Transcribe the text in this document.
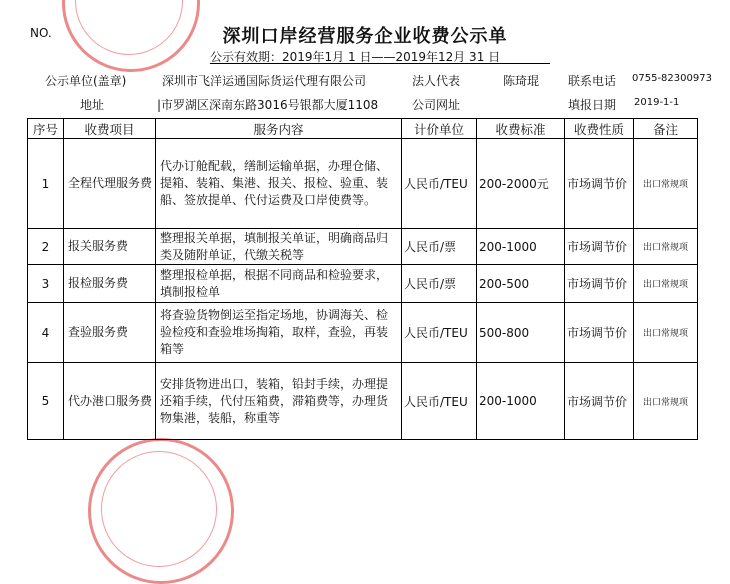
NO.	深圳口岸经营服务企业收费公示单
公示有效期：2019年1月 1 日——2019年12月 31 日
公示单位(盖章)	深圳市飞洋运通国际货运代理有限公司	法人代表	陈琦琨 联系电话 0755-82300973
地址	|市罗湖区深南东路3016号银都大厦1108	公司网址	填报日期 2019-1-1
序号	收费项目	服务内容	计价单位	收费标准	收费性质	备注
1	全程代理服务费	代办订舱配载，缮制运输单据，办理仓储、提箱、装箱、集港、报关、报检、验重、装船、签放提单、代付运费及口岸使费等。	人民币/TEU	200-2000元	市场调节价	出口常规项
2	报关服务费	整理报关单据，填制报关单证，明确商品归类及随附单证，代缴关税等	人民币/票	200-1000	市场调节价	出口常规项
3	报检服务费	整理报检单据，根据不同商品和检验要求，填制报检单	人民币/票	200-500	市场调节价	出口常规项
4	查验服务费	将查验货物倒运至指定场地，协调海关、检验检疫和查验堆场掏箱，取样，查验，再装箱等	人民币/TEU	500-800	市场调节价	出口常规项
5	代办港口服务费	安排货物进出口，装箱，铅封手续，办理提还箱手续，代付压箱费，滞箱费等，办理货物集港，装船，称重等	人民币/TEU	200-1000	市场调节价	出口常规项
